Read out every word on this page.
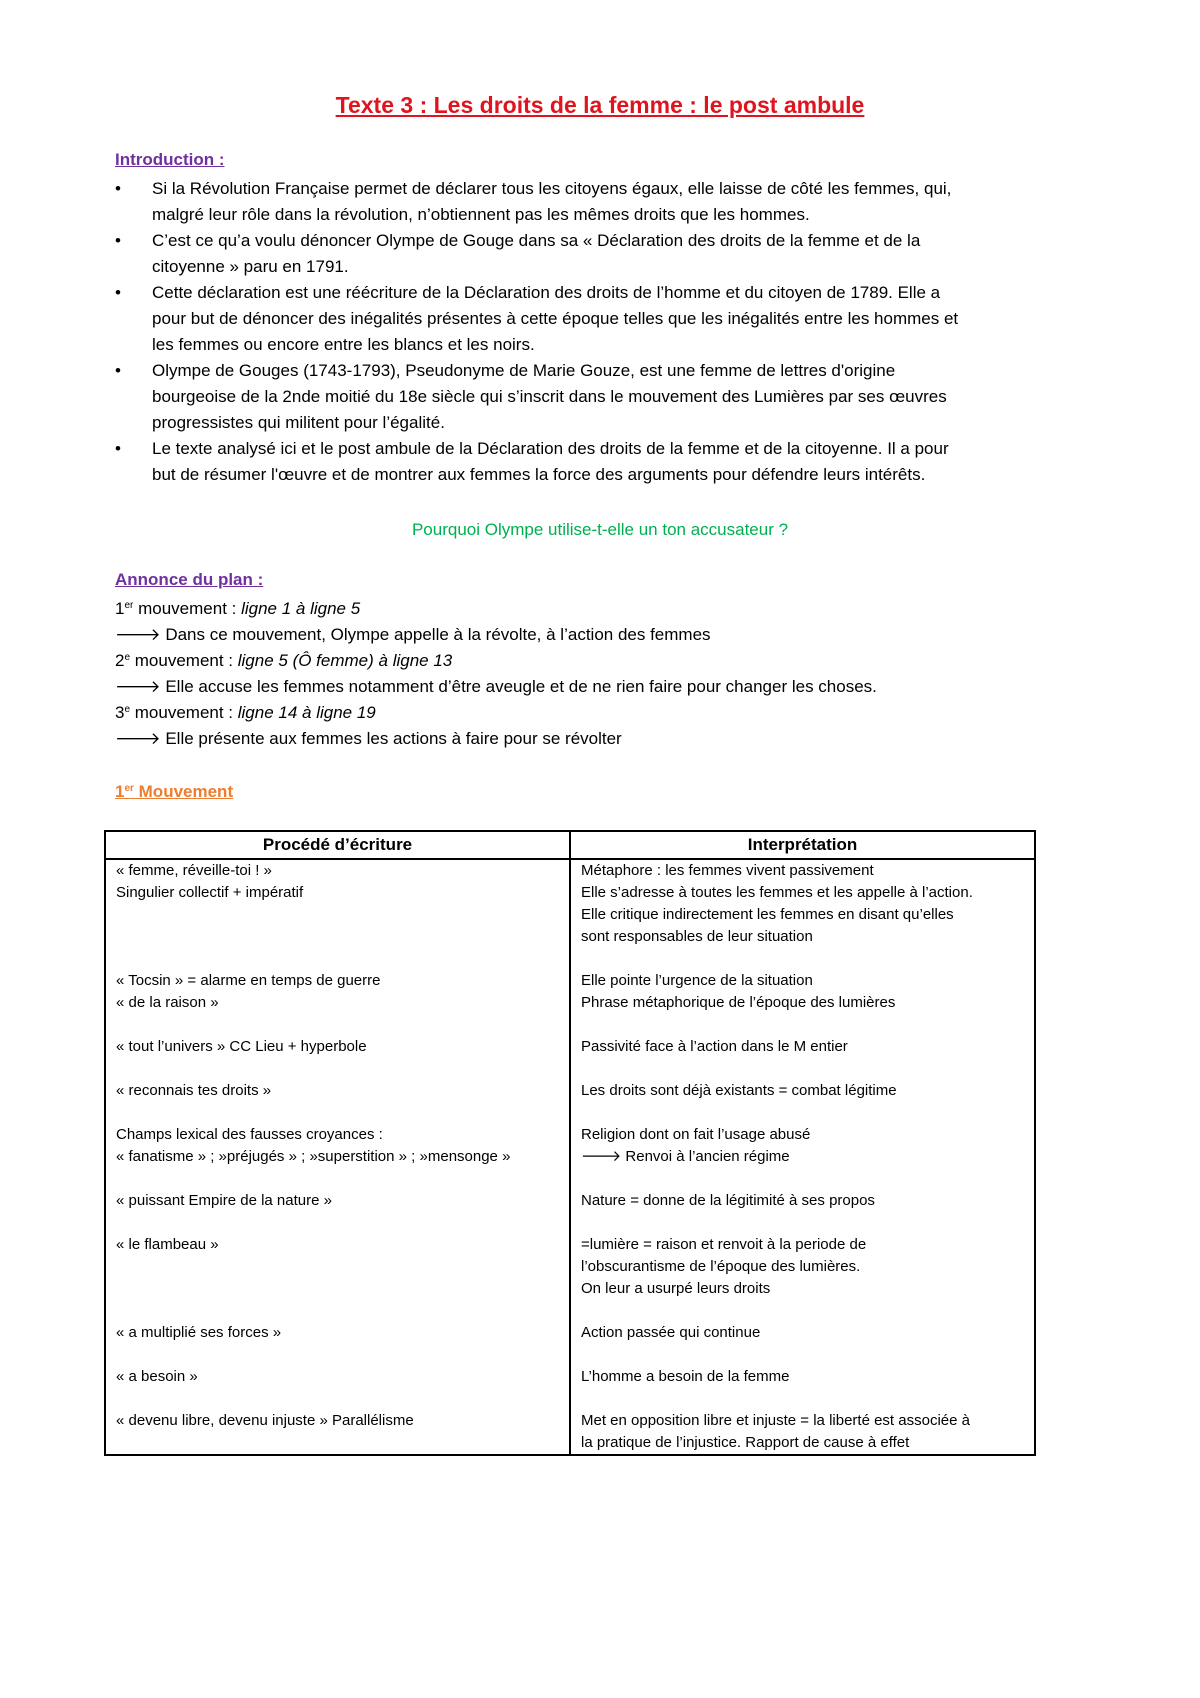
Texte 3 : Les droits de la femme : le post ambule
Introduction :
• Si la Révolution Française permet de déclarer tous les citoyens égaux, elle laisse de côté les femmes, qui,
malgré leur rôle dans la révolution, n’obtiennent pas les mêmes droits que les hommes.
• C’est ce qu’a voulu dénoncer Olympe de Gouge dans sa « Déclaration des droits de la femme et de la
citoyenne » paru en 1791.
• Cette déclaration est une réécriture de la Déclaration des droits de l’homme et du citoyen de 1789. Elle a
pour but de dénoncer des inégalités présentes à cette époque telles que les inégalités entre les hommes et
les femmes ou encore entre les blancs et les noirs.
• Olympe de Gouges (1743-1793), Pseudonyme de Marie Gouze, est une femme de lettres d'origine
bourgeoise de la 2nde moitié du 18e siècle qui s’inscrit dans le mouvement des Lumières par ses œuvres
progressistes qui militent pour l’égalité.
• Le texte analysé ici et le post ambule de la Déclaration des droits de la femme et de la citoyenne. Il a pour
but de résumer l'œuvre et de montrer aux femmes la force des arguments pour défendre leurs intérêts.
Pourquoi Olympe utilise-t-elle un ton accusateur ?
Annonce du plan :
1er mouvement : ligne 1 à ligne 5
🡒 Dans ce mouvement, Olympe appelle à la révolte, à l’action des femmes
2e mouvement : ligne 5 (Ô femme) à ligne 13
🡒 Elle accuse les femmes notamment d’être aveugle et de ne rien faire pour changer les choses.
3e mouvement : ligne 14 à ligne 19
🡒 Elle présente aux femmes les actions à faire pour se révolter
1er Mouvement
Procédé d’écriture	Interprétation

« femme, réveille-toi ! »
Singulier collectif + impératif	Métaphore : les femmes vivent passivement
Elle s’adresse à toutes les femmes et les appelle à l’action.
Elle critique indirectement les femmes en disant qu’elles
sont responsables de leur situation

« Tocsin » = alarme en temps de guerre
« de la raison »	Elle pointe l’urgence de la situation
Phrase métaphorique de l’époque des lumières

« tout l’univers » CC Lieu + hyperbole	Passivité face à l’action dans le M entier

« reconnais tes droits »	Les droits sont déjà existants = combat légitime

Champs lexical des fausses croyances :
« fanatisme » ; »préjugés » ; »superstition » ; »mensonge »	Religion dont on fait l’usage abusé
🡒 Renvoi à l’ancien régime

« puissant Empire de la nature »	Nature = donne de la légitimité à ses propos

« le flambeau »	=lumière = raison et renvoit à la periode de
l’obscurantisme de l’époque des lumières.
On leur a usurpé leurs droits

« a multiplié ses forces »	Action passée qui continue

« a besoin »	L’homme a besoin de la femme

« devenu libre, devenu injuste » Parallélisme	Met en opposition libre et injuste = la liberté est associée à
la pratique de l’injustice. Rapport de cause à effet
